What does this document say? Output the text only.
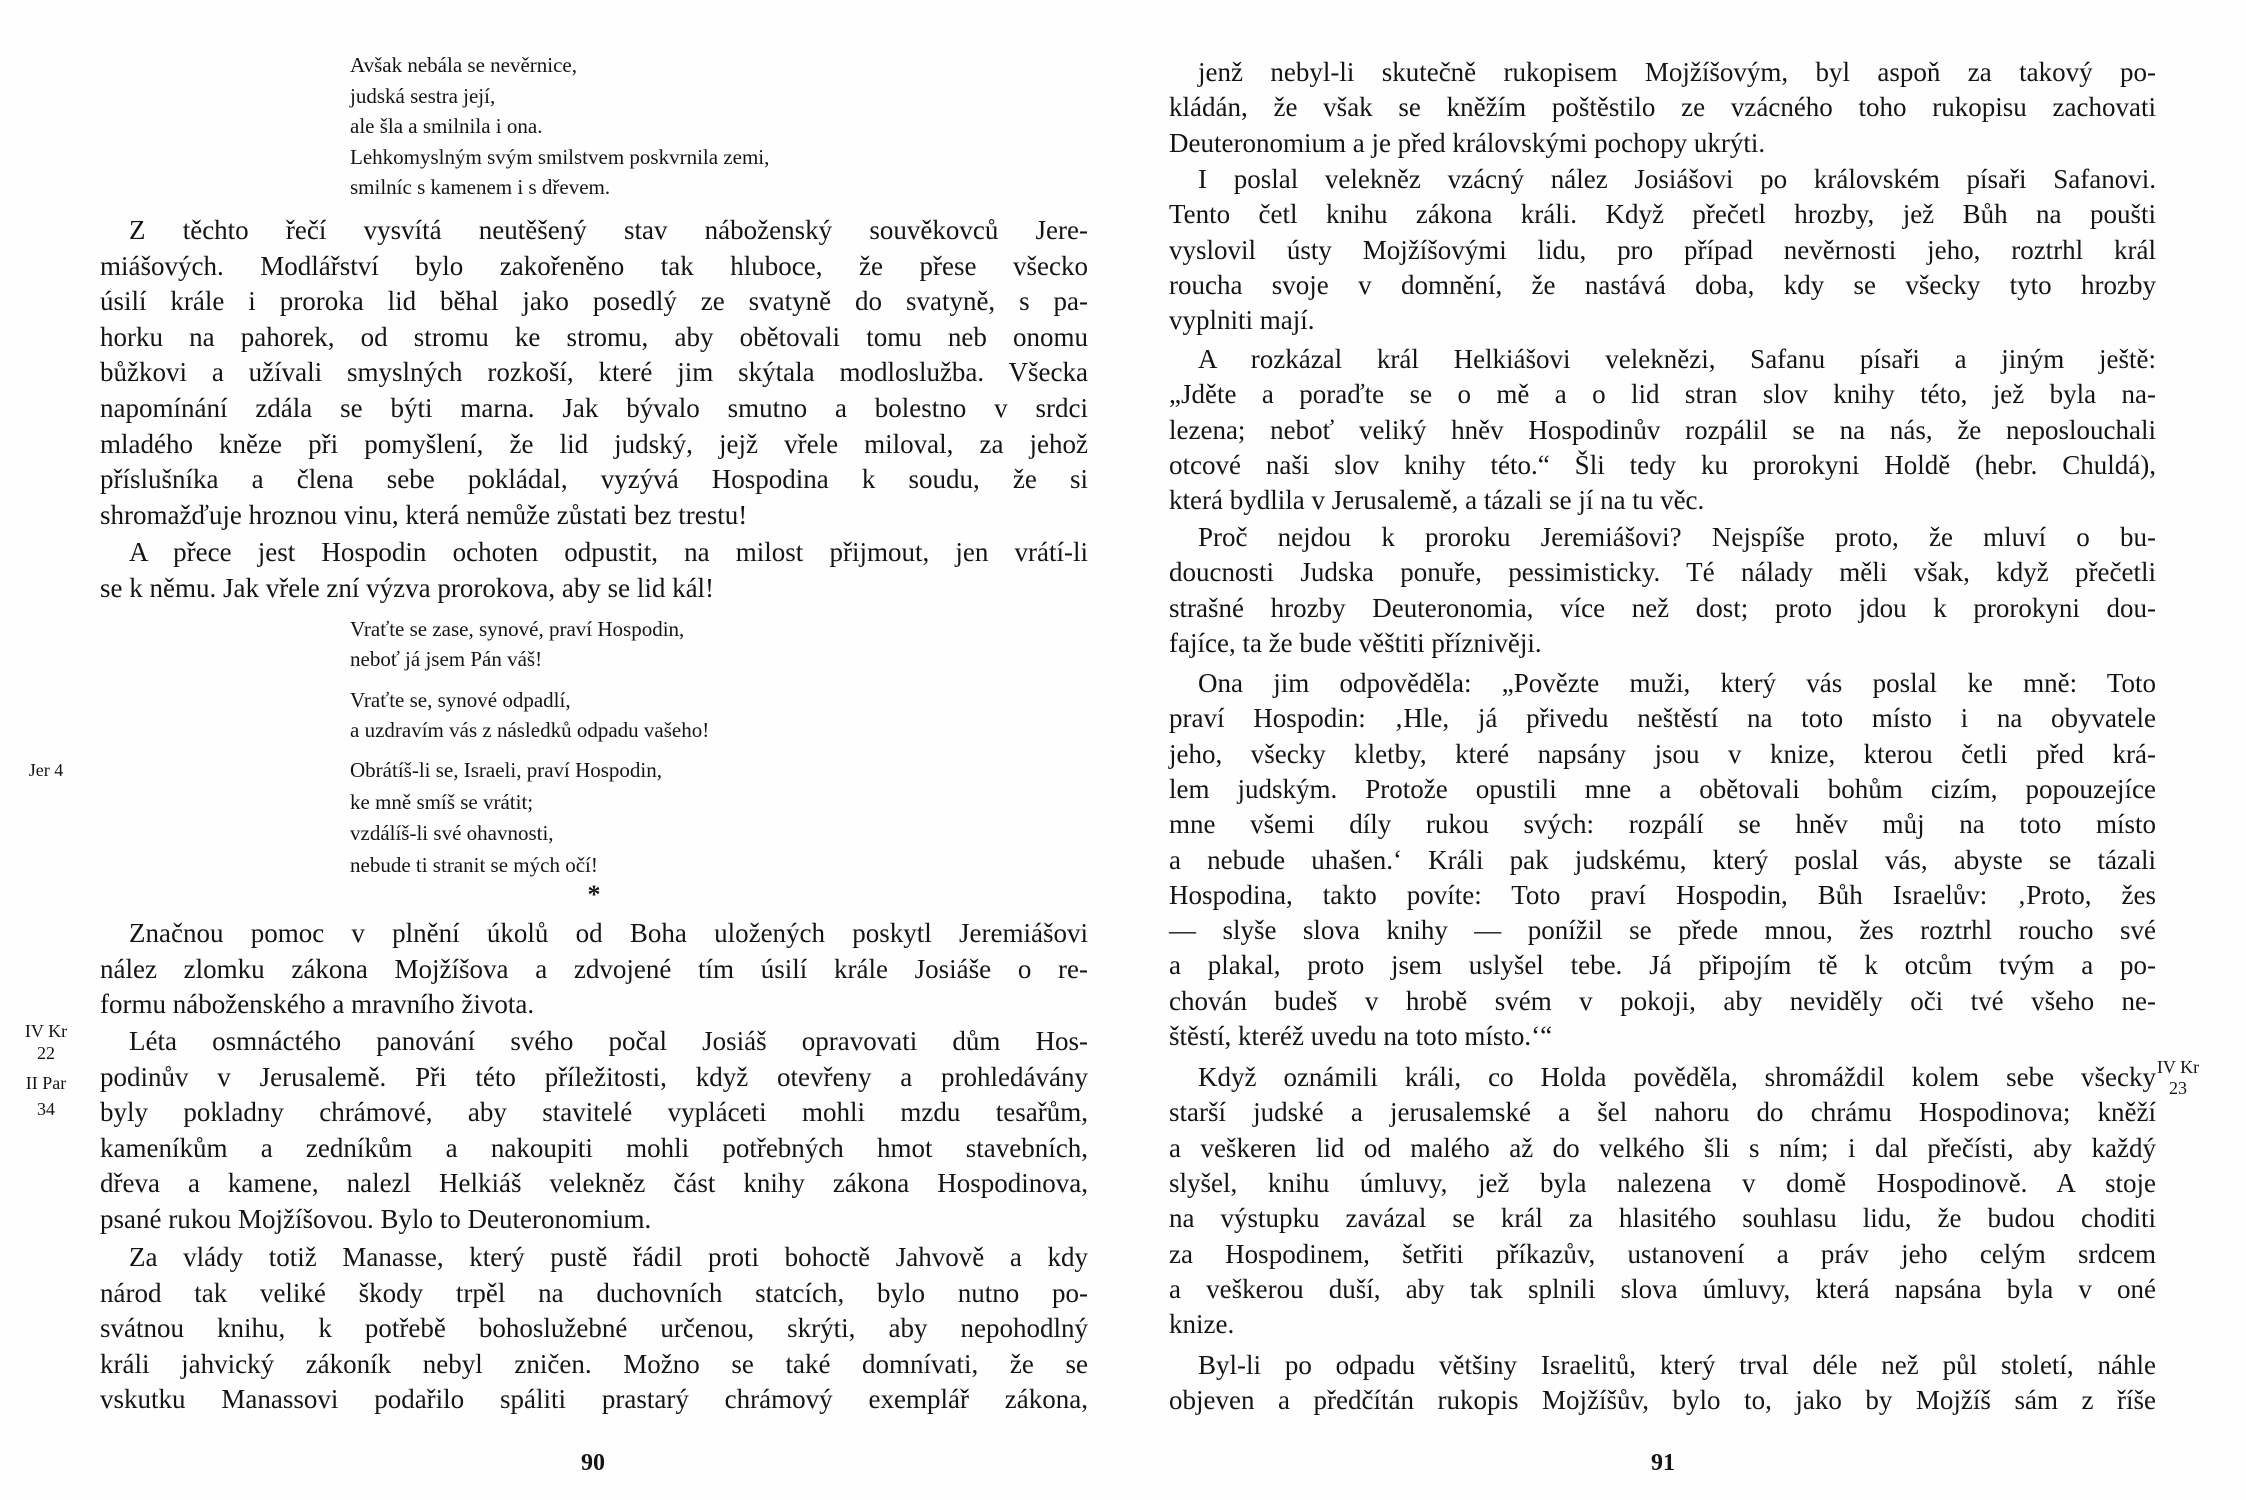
Avšak nebála se nevěrnice,
judská sestra její,
ale šla a smilnila i ona.
Lehkomyslným svým smilstvem poskvrnila zemi,
smilníc s kamenem i s dřevem.
Z těchto řečí vysvítá neutěšený stav náboženský souvěkovců Jere-
miášových. Modlářství bylo zakořeněno tak hluboce, že přese všecko
úsilí krále i proroka lid běhal jako posedlý ze svatyně do svatyně, s pa-
horku na pahorek, od stromu ke stromu, aby obětovali tomu neb onomu
bůžkovi a užívali smyslných rozkoší, které jim skýtala modloslužba. Všecka
napomínání zdála se býti marna. Jak bývalo smutno a bolestno v srdci
mladého kněze při pomyšlení, že lid judský, jejž vřele miloval, za jehož
příslušníka a člena sebe pokládal, vyzývá Hospodina k soudu, že si
shromažďuje hroznou vinu, která nemůže zůstati bez trestu!
A přece jest Hospodin ochoten odpustit, na milost přijmout, jen vrátí-li
se k němu. Jak vřele zní výzva prorokova, aby se lid kál!
Vraťte se zase, synové, praví Hospodin,
neboť já jsem Pán váš!
Vraťte se, synové odpadlí,
a uzdravím vás z následků odpadu vašeho!
Obrátíš-li se, Israeli, praví Hospodin,
ke mně smíš se vrátit;
vzdálíš-li své ohavnosti,
nebude ti stranit se mých očí!
*
Značnou pomoc v plnění úkolů od Boha uložených poskytl Jeremiášovi
nález zlomku zákona Mojžíšova a zdvojené tím úsilí krále Josiáše o re-
formu náboženského a mravního života.
Léta osmnáctého panování svého počal Josiáš opravovati dům Hos-
podinův v Jerusalemě. Při této příležitosti, když otevřeny a prohledávány
byly pokladny chrámové, aby stavitelé vypláceti mohli mzdu tesařům,
kameníkům a zedníkům a nakoupiti mohli potřebných hmot stavebních,
dřeva a kamene, nalezl Helkiáš velekněz část knihy zákona Hospodinova,
psané rukou Mojžíšovou. Bylo to Deuteronomium.
Za vlády totiž Manasse, který pustě řádil proti bohoctě Jahvově a kdy
národ tak veliké škody trpěl na duchovních statcích, bylo nutno po-
svátnou knihu, k potřebě bohoslužebné určenou, skrýti, aby nepohodlný
králi jahvický zákoník nebyl zničen. Možno se také domnívati, že se
vskutku Manassovi podařilo spáliti prastarý chrámový exemplář zákona,
90
Jer 4
IV Kr
22
II Par
34
jenž nebyl-li skutečně rukopisem Mojžíšovým, byl aspoň za takový po-
kládán, že však se kněžím poštěstilo ze vzácného toho rukopisu zachovati
Deuteronomium a je před královskými pochopy ukrýti.
I poslal velekněz vzácný nález Josiášovi po královském písaři Safanovi.
Tento četl knihu zákona králi. Když přečetl hrozby, jež Bůh na poušti
vyslovil ústy Mojžíšovými lidu, pro případ nevěrnosti jeho, roztrhl král
roucha svoje v domnění, že nastává doba, kdy se všecky tyto hrozby
vyplniti mají.
A rozkázal král Helkiášovi veleknězi, Safanu písaři a jiným ještě:
„Jděte a poraďte se o mě a o lid stran slov knihy této, jež byla na-
lezena; neboť veliký hněv Hospodinův rozpálil se na nás, že neposlouchali
otcové naši slov knihy této.“ Šli tedy ku prorokyni Holdě (hebr. Chuldá),
která bydlila v Jerusalemě, a tázali se jí na tu věc.
Proč nejdou k proroku Jeremiášovi? Nejspíše proto, že mluví o bu-
doucnosti Judska ponuře, pessimisticky. Té nálady měli však, když přečetli
strašné hrozby Deuteronomia, více než dost; proto jdou k prorokyni dou-
fajíce, ta že bude věštiti příznivěji.
Ona jim odpověděla: „Povězte muži, který vás poslal ke mně: Toto
praví Hospodin: ‚Hle, já přivedu neštěstí na toto místo i na obyvatele
jeho, všecky kletby, které napsány jsou v knize, kterou četli před krá-
lem judským. Protože opustili mne a obětovali bohům cizím, popouzejíce
mne všemi díly rukou svých: rozpálí se hněv můj na toto místo
a nebude uhašen.‘ Králi pak judskému, který poslal vás, abyste se tázali
Hospodina, takto povíte: Toto praví Hospodin, Bůh Israelův: ‚Proto, žes
— slyše slova knihy — ponížil se přede mnou, žes roztrhl roucho své
a plakal, proto jsem uslyšel tebe. Já připojím tě k otcům tvým a po-
chován budeš v hrobě svém v pokoji, aby neviděly oči tvé všeho ne-
štěstí, kteréž uvedu na toto místo.‘“
Když oznámili králi, co Holda pověděla, shromáždil kolem sebe všecky
starší judské a jerusalemské a šel nahoru do chrámu Hospodinova; kněží
a veškeren lid od malého až do velkého šli s ním; i dal přečísti, aby každý
slyšel, knihu úmluvy, jež byla nalezena v domě Hospodinově. A stoje
na výstupku zavázal se král za hlasitého souhlasu lidu, že budou choditi
za Hospodinem, šetřiti příkazův, ustanovení a práv jeho celým srdcem
a veškerou duší, aby tak splnili slova úmluvy, která napsána byla v oné
knize.
Byl-li po odpadu většiny Israelitů, který trval déle než půl století, náhle
objeven a předčítán rukopis Mojžíšův, bylo to, jako by Mojžíš sám z říše
91
IV Kr
23
